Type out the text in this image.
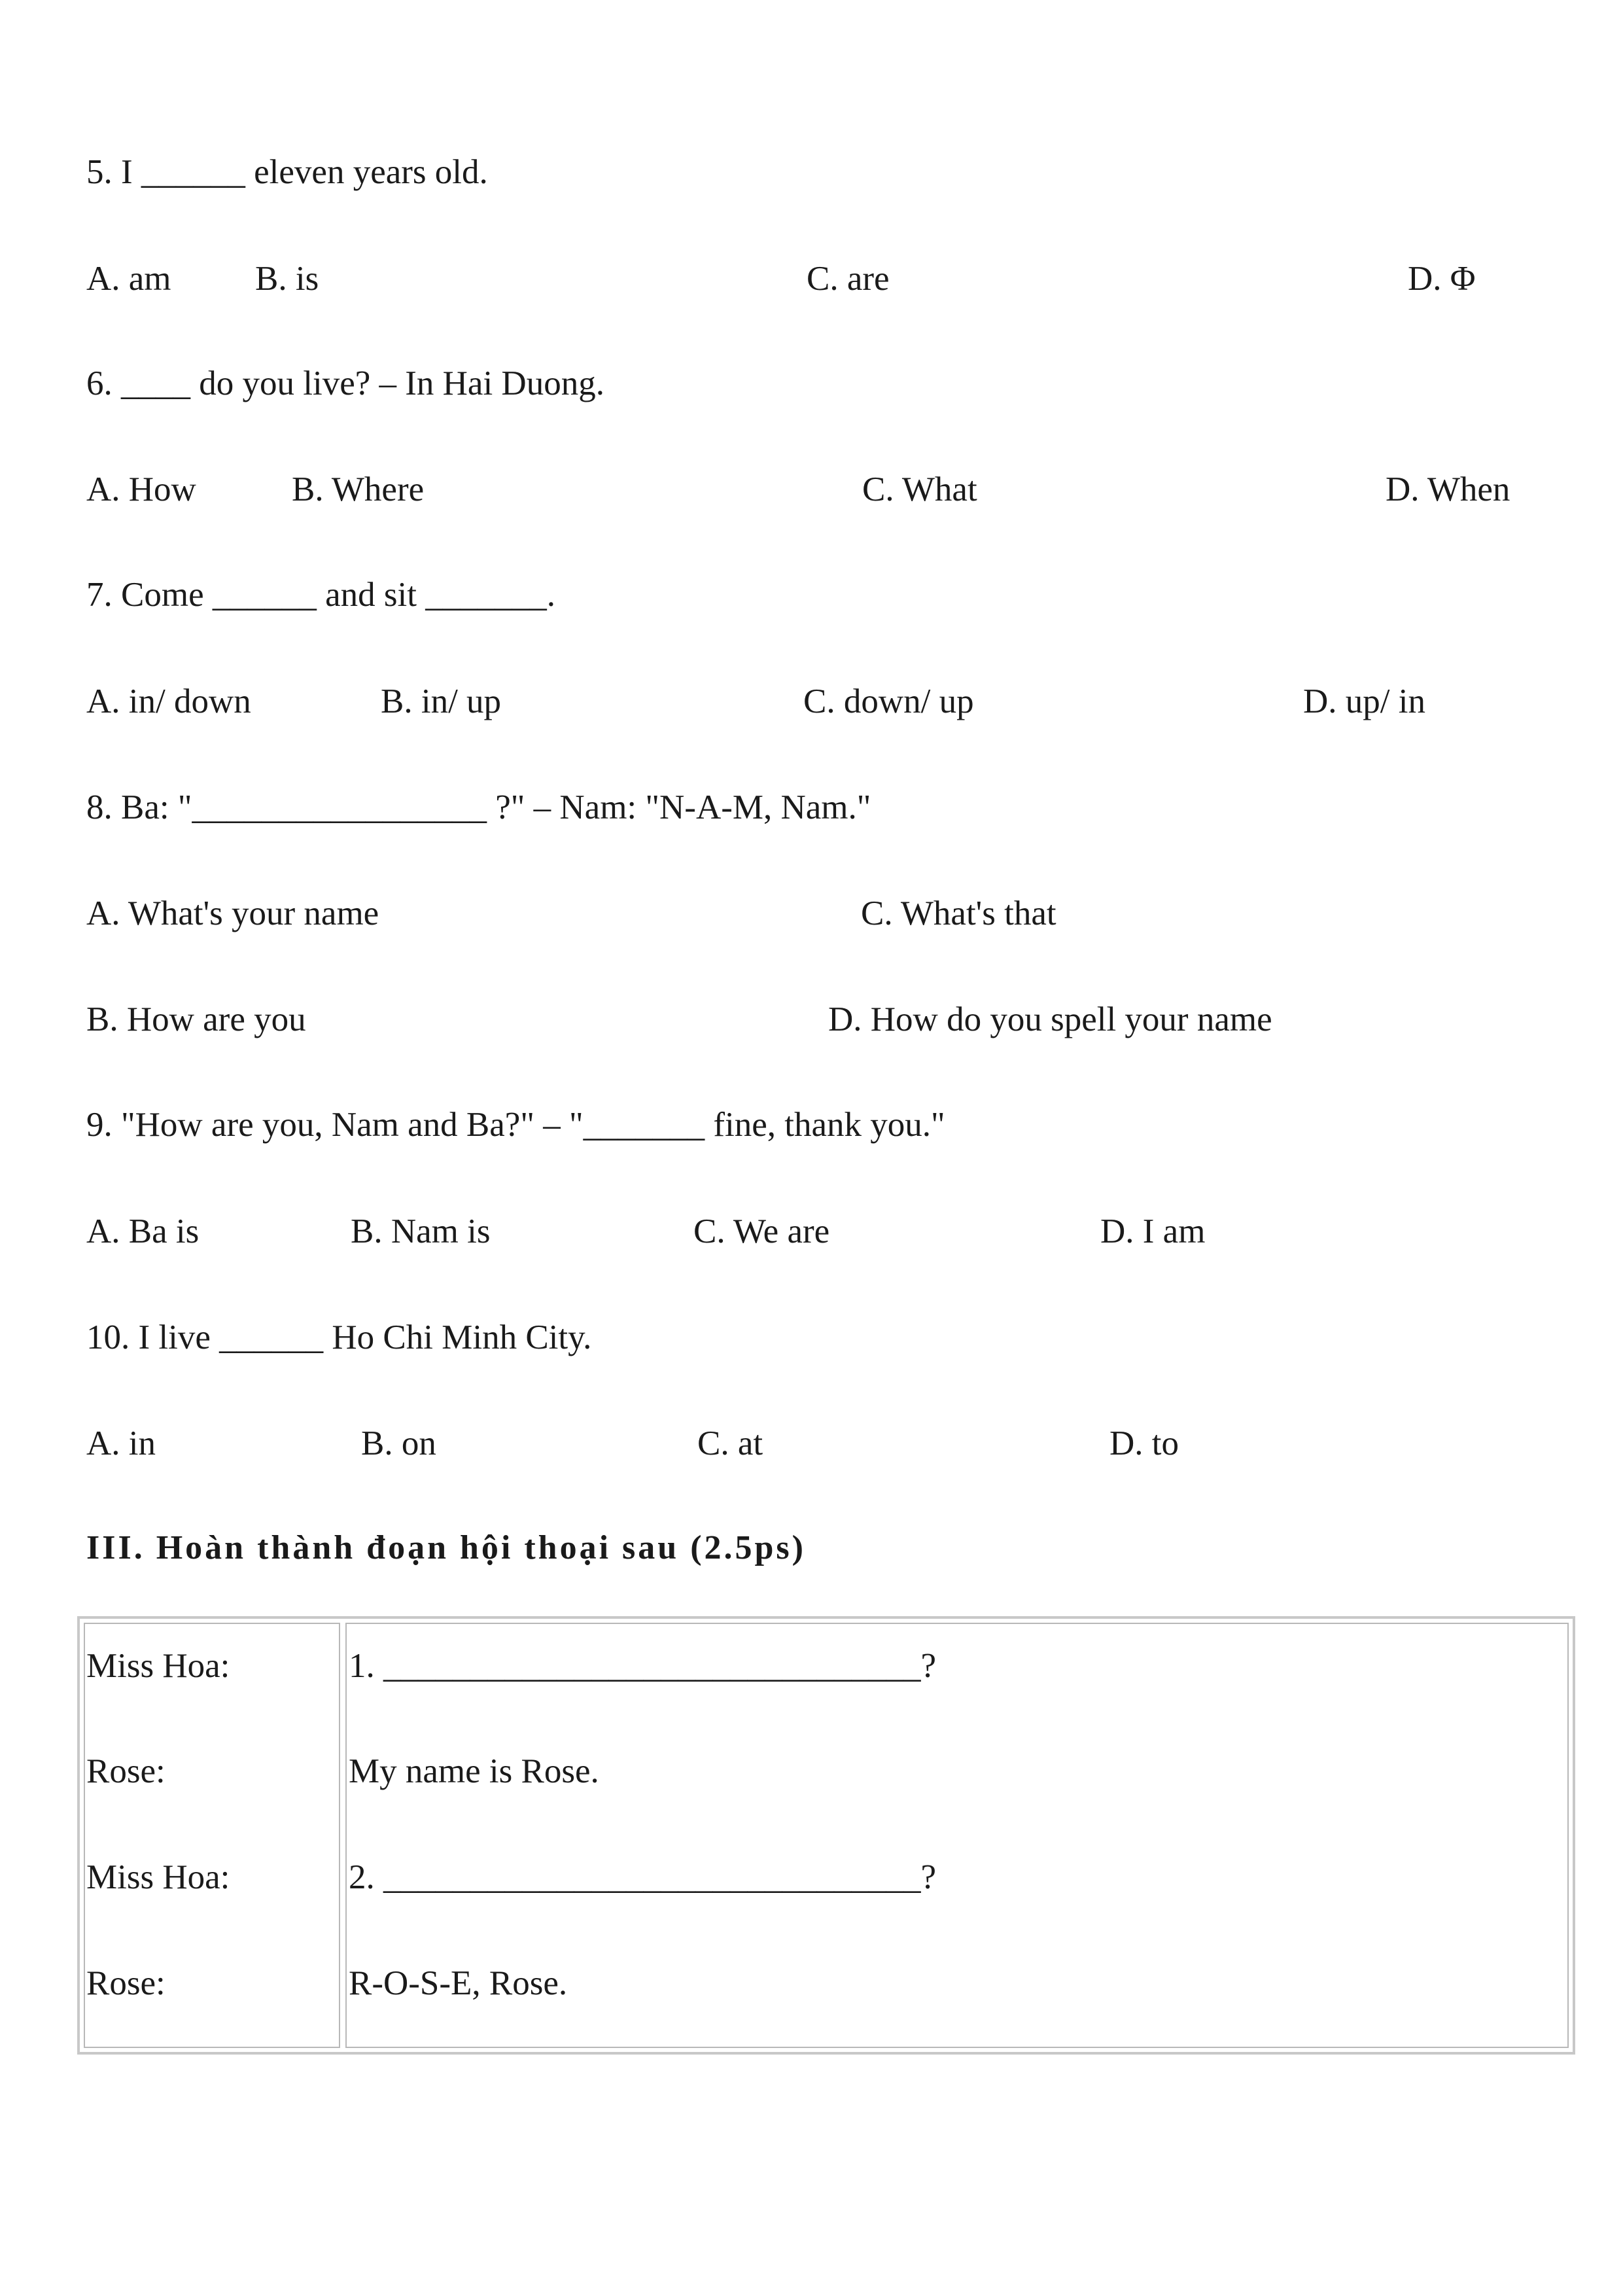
5. I ______ eleven years old.
A. am B. is	C. are	D. Φ
6. ____ do you live? – In Hai Duong.
A. How	B. Where	C. What	D. When
7. Come ______ and sit _______.
A. in/ down	B. in/ up	C. down/ up	D. up/ in
8. Ba: "_________________ ?" – Nam: "N-A-M, Nam."
A. What's your name	C. What's that
B. How are you	D. How do you spell your name
9. "How are you, Nam and Ba?" – "_______ fine, thank you."
A. Ba is	B. Nam is	C. We are	D. I am
10. I live ______ Ho Chi Minh City.
A. in	B. on	C. at	D. to
III. Hoàn thành đoạn hội thoại sau (2.5ps)
Miss Hoa:	1. _______________________________?
Rose:	My name is Rose.
Miss Hoa:	2. _______________________________?
Rose:	R-O-S-E, Rose.
